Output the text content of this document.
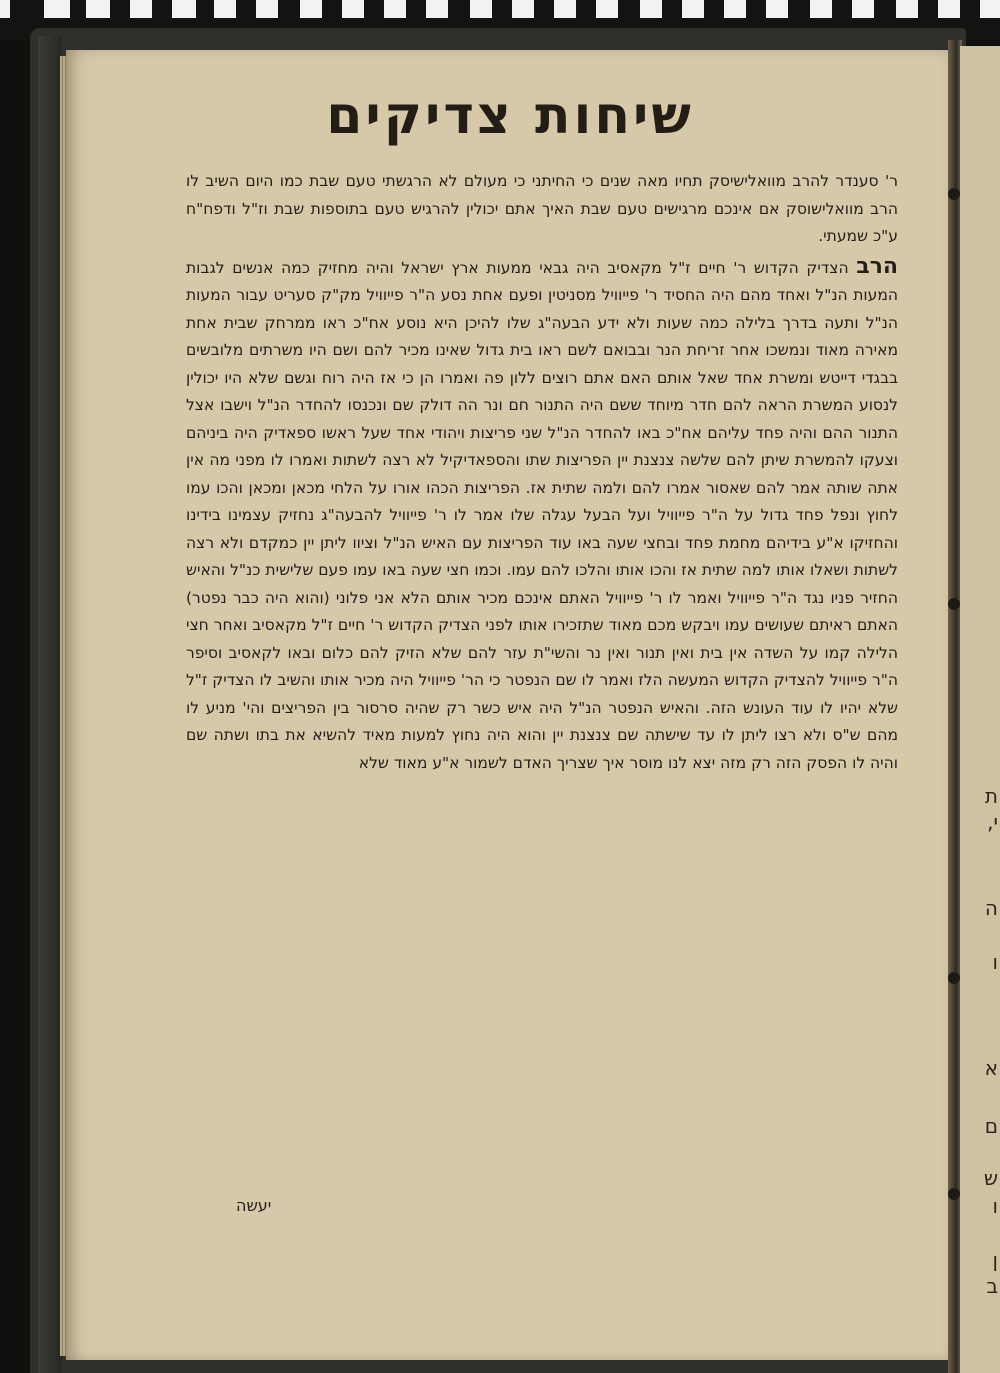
ת
י,
ה
ו
א
ם
ש
ו
ן
ב
שיחות צדיקים

ר' סענדר להרב מוואלישיסק תחיו מאה שנים כי החיתני כי מעולם לא הרגשתי טעם שבת כמו היום השיב לו הרב מוואלישוסק אם אינכם מרגישים טעם שבת האיך אתם יכולין להרגיש טעם בתוספות שבת וז"ל ודפח"ח ע"כ שמעתי.

הרב הצדיק הקדוש ר' חיים ז"ל מקאסיב היה גבאי ממעות ארץ ישראל והיה מחזיק כמה אנשים לגבות המעות הנ"ל ואחד מהם היה החסיד ר' פייוויל מסניטין ופעם אחת נסע ה"ר פייוויל מק"ק סעריט עבור המעות הנ"ל ותעה בדרך בלילה כמה שעות ולא ידע הבעה"ג שלו להיכן היא נוסע אח"כ ראו ממרחק שבית אחת מאירה מאוד ונמשכו אחר זריחת הנר ובבואם לשם ראו בית גדול שאינו מכיר להם ושם היו משרתים מלובשים בבגדי דייטש ומשרת אחד שאל אותם האם אתם רוצים ללון פה ואמרו הן כי אז היה רוח וגשם שלא היו יכולין לנסוע המשרת הראה להם חדר מיוחד ששם היה התנור חם ונר הה דולק שם ונכנסו להחדר הנ"ל וישבו אצל התנור ההם והיה פחד עליהם אח"כ באו להחדר הנ"ל שני פריצות ויהודי אחד שעל ראשו ספאדיק היה ביניהם וצעקו להמשרת שיתן להם שלשה צנצנת יין הפריצות שתו והספאדיקיל לא רצה לשתות ואמרו לו מפני מה אין אתה שותה אמר להם שאסור אמרו להם ולמה שתית אז. הפריצות הכהו אורו על הלחי מכאן ומכאן והכו עמו לחוץ ונפל פחד גדול על ה"ר פייוויל ועל הבעל עגלה שלו אמר לו ר' פייוויל להבעה"ג נחזיק עצמינו בידינו והחזיקו א"ע בידיהם מחמת פחד ובחצי שעה באו עוד הפריצות עם האיש הנ"ל וציוו ליתן יין כמקדם ולא רצה לשתות ושאלו אותו למה שתית אז והכו אותו והלכו להם עמו. וכמו חצי שעה באו עמו פעם שלישית כנ"ל והאיש החזיר פניו נגד ה"ר פייוויל ואמר לו ר' פייוויל האתם אינכם מכיר אותם הלא אני פלוני (והוא היה כבר נפטר) האתם ראיתם שעושים עמו ויבקש מכם מאוד שתזכירו אותו לפני הצדיק הקדוש ר' חיים ז"ל מקאסיב ואחר חצי הלילה קמו על השדה אין בית ואין תנור ואין נר והשי"ת עזר להם שלא הזיק להם כלום ובאו לקאסיב וסיפר ה"ר פייוויל להצדיק הקדוש המעשה הלז ואמר לו שם הנפטר כי הר' פייוויל היה מכיר אותו והשיב לו הצדיק ז"ל שלא יהיו לו עוד העונש הזה. והאיש הנפטר הנ"ל היה איש כשר רק שהיה סרסור בין הפריצים והי' מניע לו מהם ש"ס ולא רצו ליתן לו עד שישתה שם צנצנת יין והוא היה נחוץ למעות מאיד להשיא את בתו ושתה שם והיה לו הפסק הזה רק מזה יצא לנו מוסר איך שצריך האדם לשמור א"ע מאוד שלא

יעשה
